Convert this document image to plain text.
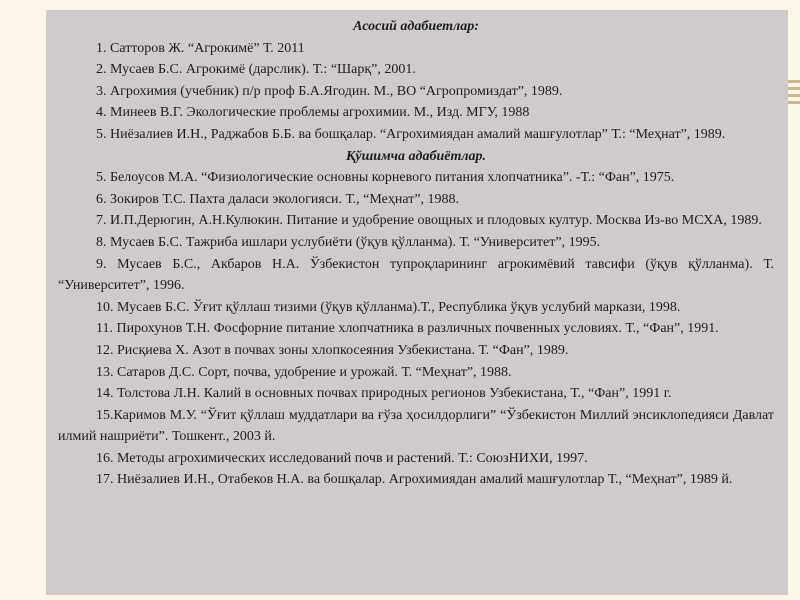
Асосий адабиетлар:

1. Сатторов Ж. “Агрокимё” Т. 2011

2. Мусаев Б.С. Агрокимё (дарслик). Т.: “Шарқ”, 2001.

3. Агрохимия (учебник) п/р проф Б.А.Ягодин. М., ВО “Агропромиздат”, 1989.

4. Минеев В.Г. Экологические проблемы агрохимии. М., Изд. МГУ, 1988

5. Ниёзалиев И.Н., Раджабов Б.Б. ва бошқалар. “Агрохимиядан амалий машғулотлар” Т.: “Меҳнат”, 1989.

Қўшимча адабиётлар.

5. Белоусов М.А. “Физиологические основны корневого питания хлопчатника”. -Т.: “Фан”, 1975.

6. Зокиров Т.С. Пахта далаcи экологияси. Т., “Меҳнат”, 1988.

7. И.П.Дерюгин, А.Н.Кулюкин. Питание и удобрение овощных и плодовых култур. Москва Из-во МСХА, 1989.

8. Мусаев Б.С. Тажриба ишлари услубиёти (ўқув қўлланма). Т. “Университет”, 1995.

9. Мусаев Б.С., Акбаров Н.А. Ўзбекистон тупроқларининг агрокимёвий тавсифи (ўқув қўлланма). Т. “Университет”, 1996.

10. Мусаев Б.С. Ўғит қўллаш тизими (ўқув қўлланма).Т., Республика ўқув услубий маркази, 1998.

11. Пирохунов Т.Н. Фосфорние питание хлопчатника в различных почвенных условиях. Т., “Фан”, 1991.

12. Рисқиева Х. Азот в почвах зоны хлопкосеяния Узбекистана. Т. “Фан”, 1989.

13. Сатаров Д.С. Сорт, почва, удобрение и урожай. Т. “Меҳнат”, 1988.

14. Толстова Л.Н. Калий в основных почвах природных регионов Узбекистана, Т., “Фан”, 1991 г.

15.Каримов М.У. “Ўғит қўллаш муддатлари ва ғўза ҳосилдорлиги” “Ўзбекистон Миллий энсиклопедияси Давлат илмий нашриёти”. Тошкент., 2003 й.

16. Методы агрохимических исследований почв и растений. Т.: СоюзНИХИ, 1997.

17. Ниёзалиев И.Н., Отабеков Н.А. ва бошқалар. Агрохимиядан амалий машғулотлар Т., “Меҳнат”, 1989 й.
